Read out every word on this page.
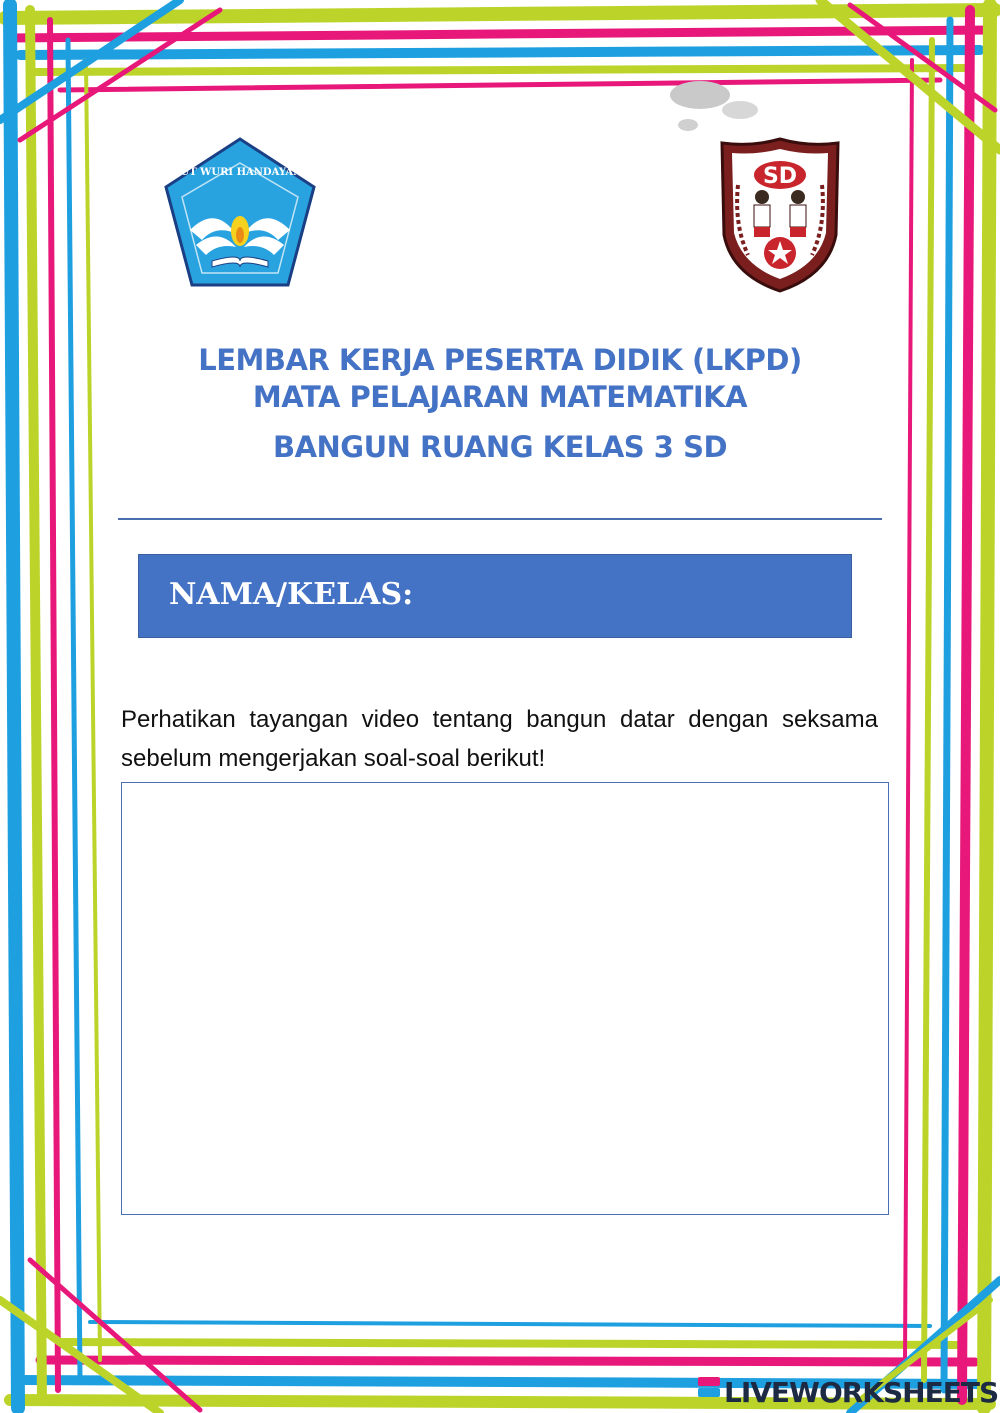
TUT WURI HANDAYANI	SD
LEMBAR KERJA PESERTA DIDIK (LKPD)
MATA PELAJARAN MATEMATIKA
BANGUN RUANG KELAS 3 SD
NAMA/KELAS:
Perhatikan tayangan video tentang bangun datar dengan seksama sebelum mengerjakan soal-soal berikut!
LIVEWORKSHEETS
